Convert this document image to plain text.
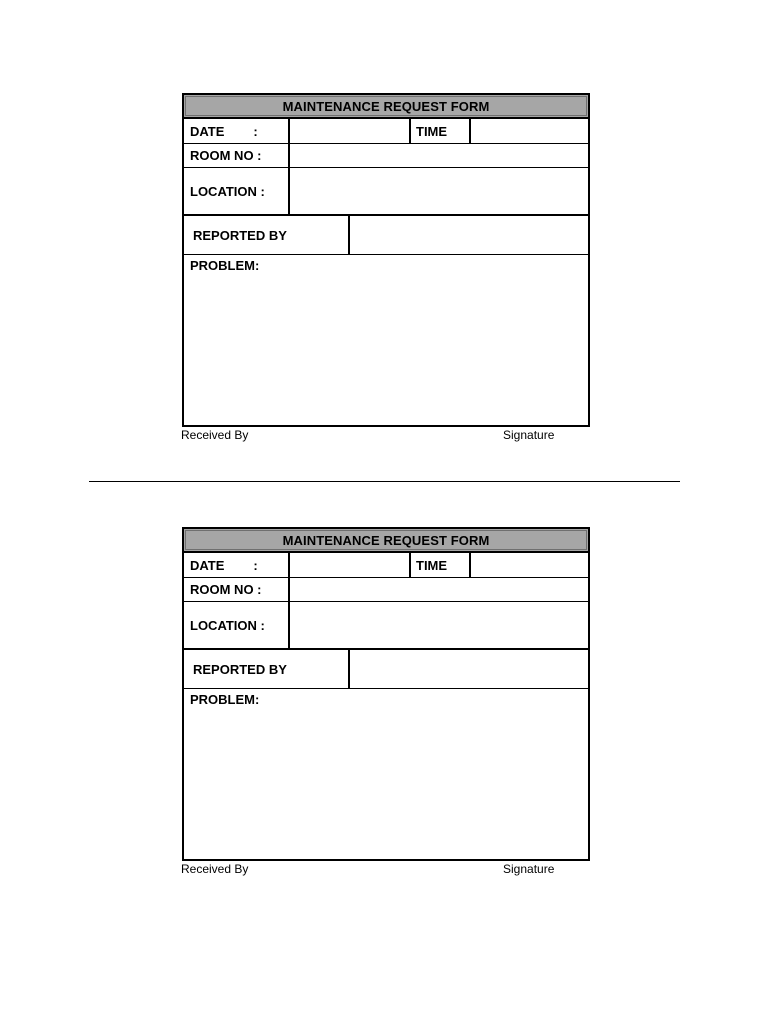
MAINTENANCE REQUEST FORM
DATE        :	TIME
ROOM NO :
LOCATION :
REPORTED BY
PROBLEM:
Received By	Signature
MAINTENANCE REQUEST FORM
DATE        :	TIME
ROOM NO :
LOCATION :
REPORTED BY
PROBLEM:
Received By	Signature
